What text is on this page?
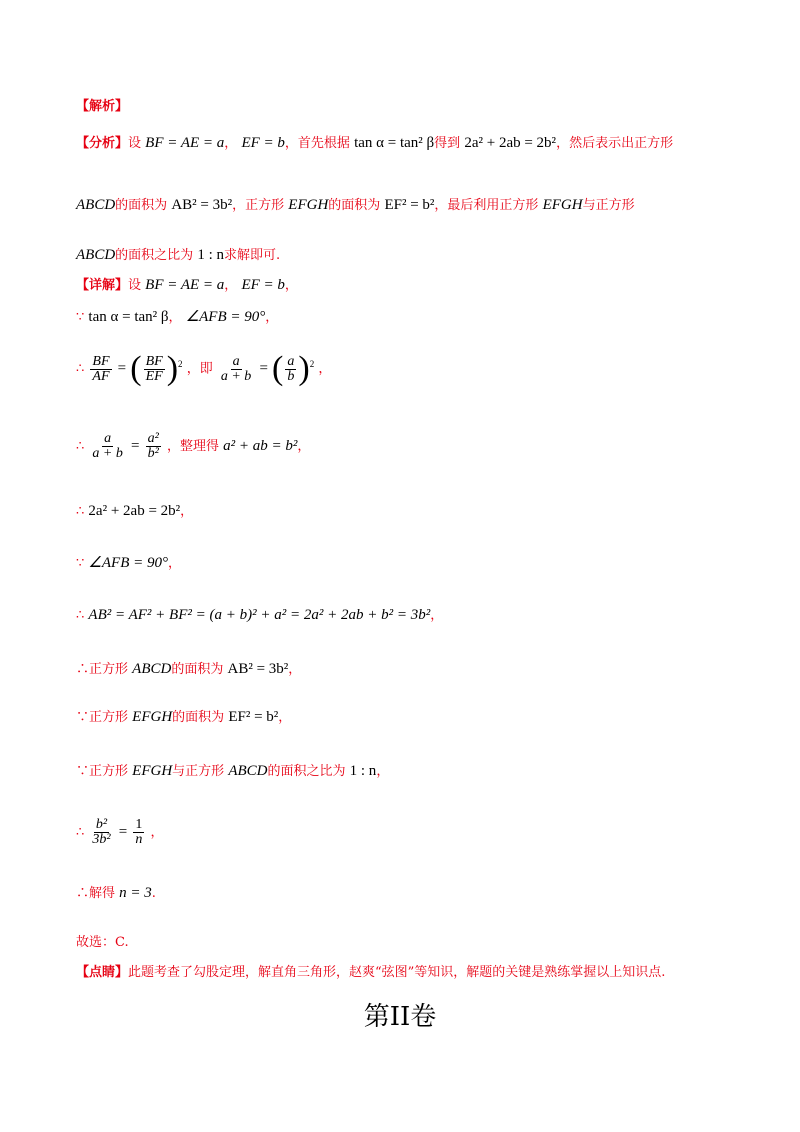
【解析】
【分析】设 BF = AE = a， EF = b，首先根据 tan α = tan² β得到 2a² + 2ab = 2b²，然后表示出正方形
ABCD的面积为 AB² = 3b²，正方形 EFGH的面积为 EF² = b²，最后利用正方形 EFGH与正方形
ABCD的面积之比为 1 : n求解即可.
【详解】设 BF = AE = a， EF = b，
∵ tan α = tan² β， ∠AFB = 90°，
∴ $\frac{BF}{AF}$ = ( $\frac{BF}{EF} )^2$ ，即 $\frac{a}{a + b}$ = ( $\frac{a}{b} )^2$ ，
∴ $\frac{a}{a + b} = \frac{\text{a²}}{\text{b²}}$ ，整理得 a² + ab = b²，
∴ 2a² + 2ab = 2b²，
∵ ∠AFB = 90°，
∴ AB² = AF² + BF² = (a + b)² + a² = 2a² + 2ab + b² = 3b²，
∴正方形 ABCD的面积为 AB² = 3b²，
∵正方形 EFGH的面积为 EF² = b²，
∵正方形 EFGH与正方形 ABCD的面积之比为 1 : n，
∴ $\frac{\text{b²}}{\text{3b²}} = \frac{1}{n}$ ，
∴解得 n = 3.
故选：C.
【点睛】此题考查了勾股定理，解直角三角形，赵爽“弦图”等知识，解题的关键是熟练掌握以上知识点.
第II卷
